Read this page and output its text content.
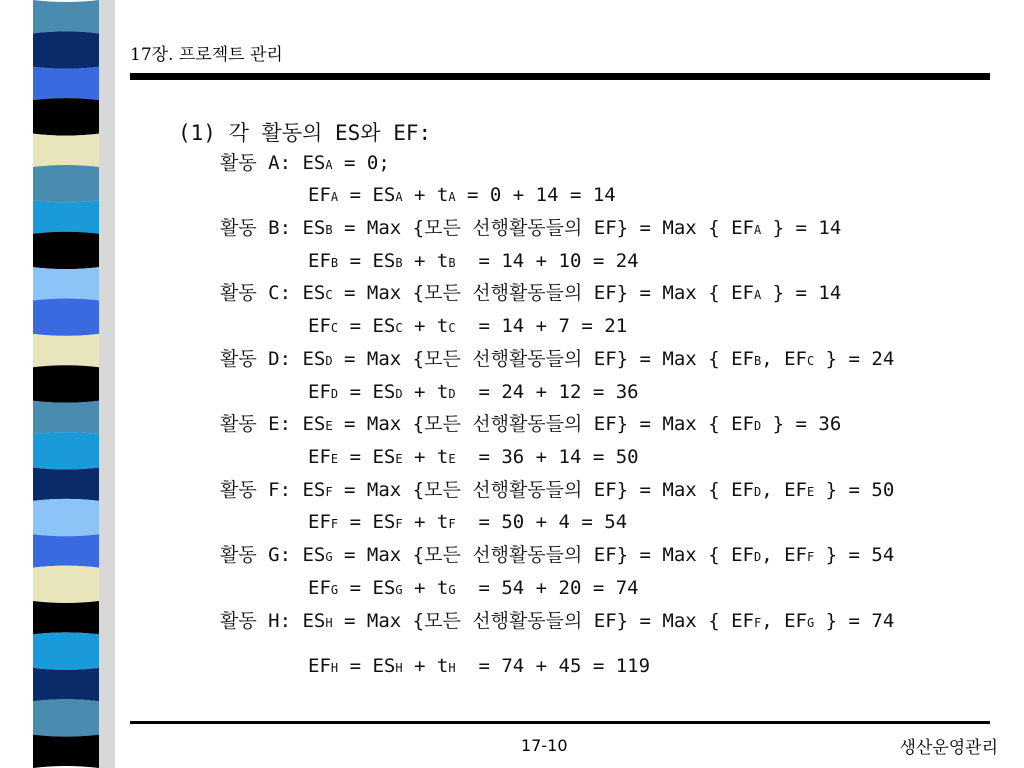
17장. 프로젝트 관리
(1) 각 활동의 ES와 EF:
활동 A: ESA = 0;
EFA = ESA + tA = 0 + 14 = 14
활동 B: ESB = Max {모든 선행활동들의 EF} = Max { EFA } = 14
EFB = ESB + tB  = 14 + 10 = 24
활동 C: ESC = Max {모든 선행활동들의 EF} = Max { EFA } = 14
EFC = ESC + tC  = 14 + 7 = 21
활동 D: ESD = Max {모든 선행활동들의 EF} = Max { EFB, EFC } = 24
EFD = ESD + tD  = 24 + 12 = 36
활동 E: ESE = Max {모든 선행활동들의 EF} = Max { EFD } = 36
EFE = ESE + tE  = 36 + 14 = 50
활동 F: ESF = Max {모든 선행활동들의 EF} = Max { EFD, EFE } = 50
EFF = ESF + tF  = 50 + 4 = 54
활동 G: ESG = Max {모든 선행활동들의 EF} = Max { EFD, EFF } = 54
EFG = ESG + tG  = 54 + 20 = 74
활동 H: ESH = Max {모든 선행활동들의 EF} = Max { EFF, EFG } = 74
EFH = ESH + tH  = 74 + 45 = 119
17-10	생산운영관리
